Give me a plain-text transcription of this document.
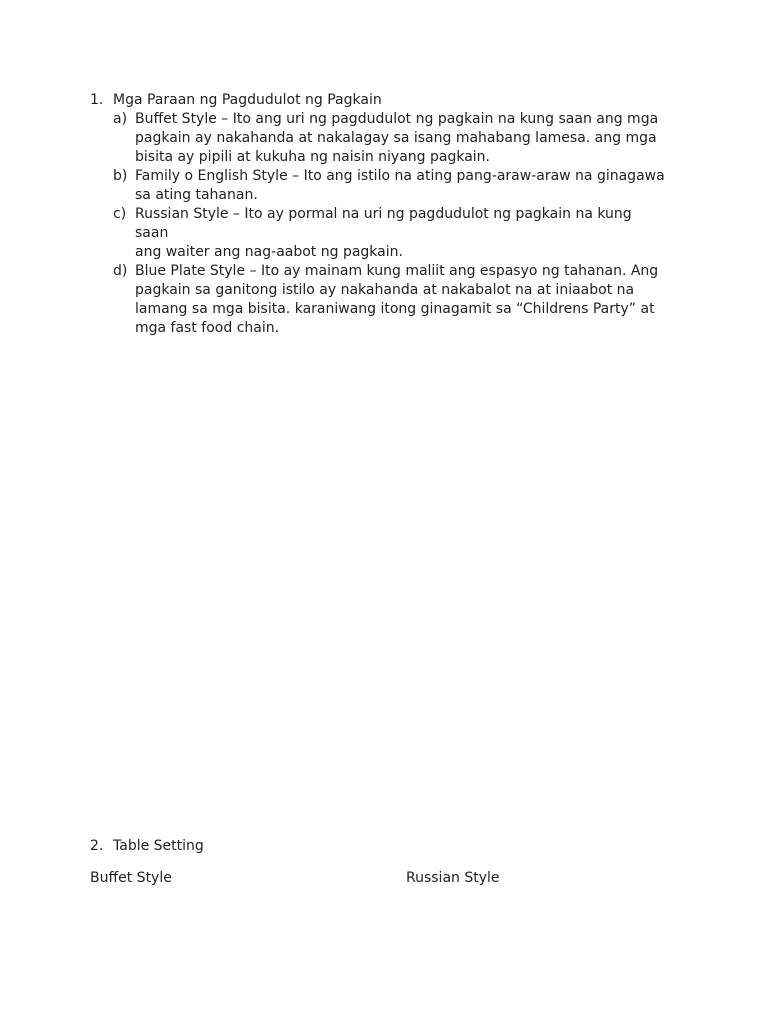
1. Mga Paraan ng Pagdudulot ng Pagkain
a) Buffet Style – Ito ang uri ng pagdudulot ng pagkain na kung saan ang mga
pagkain ay nakahanda at nakalagay sa isang mahabang lamesa. ang mga
bisita ay pipili at kukuha ng naisin niyang pagkain.
b) Family o English Style – Ito ang istilo na ating pang-araw-araw na ginagawa
sa ating tahanan.
c) Russian Style – Ito ay pormal na uri ng pagdudulot ng pagkain na kung saan
ang waiter ang nag-aabot ng pagkain.
d) Blue Plate Style – Ito ay mainam kung maliit ang espasyo ng tahanan. Ang
pagkain sa ganitong istilo ay nakahanda at nakabalot na at iniaabot na
lamang sa mga bisita. karaniwang itong ginagamit sa “Childrens Party” at
mga fast food chain.
2. Table Setting
Buffet Style	Russian Style
